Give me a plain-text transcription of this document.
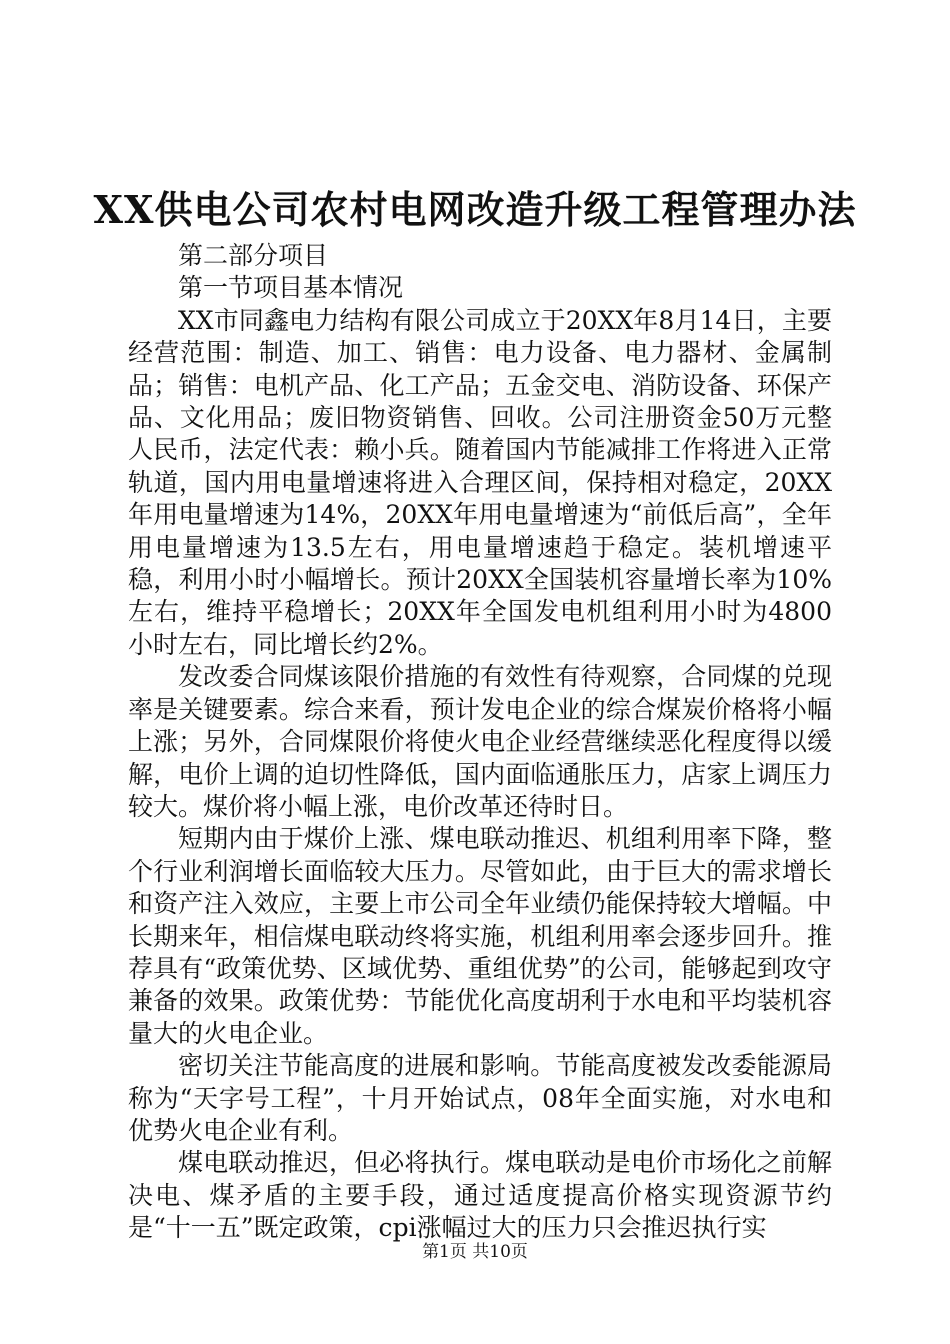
XX供电公司农村电网改造升级工程管理办法

第二部分项目

第一节项目基本情况

XX市同鑫电力结构有限公司成立于20XX年8月14日，主要经营范围：制造、加工、销售：电力设备、电力器材、金属制品；销售：电机产品、化工产品；五金交电、消防设备、环保产品、文化用品；废旧物资销售、回收。公司注册资金50万元整人民币，法定代表：赖小兵。随着国内节能减排工作将进入正常轨道，国内用电量增速将进入合理区间，保持相对稳定，20XX年用电量增速为14%，20XX年用电量增速为“前低后高”，全年用电量增速为13.5左右，用电量增速趋于稳定。装机增速平稳，利用小时小幅增长。预计20XX全国装机容量增长率为10%左右，维持平稳增长；20XX年全国发电机组利用小时为4800小时左右，同比增长约2%。

发改委合同煤该限价措施的有效性有待观察，合同煤的兑现率是关键要素。综合来看，预计发电企业的综合煤炭价格将小幅上涨；另外，合同煤限价将使火电企业经营继续恶化程度得以缓解，电价上调的迫切性降低，国内面临通胀压力，店家上调压力较大。煤价将小幅上涨，电价改革还待时日。

短期内由于煤价上涨、煤电联动推迟、机组利用率下降，整个行业利润增长面临较大压力。尽管如此，由于巨大的需求增长和资产注入效应，主要上市公司全年业绩仍能保持较大增幅。中长期来年，相信煤电联动终将实施，机组利用率会逐步回升。推荐具有“政策优势、区域优势、重组优势”的公司，能够起到攻守兼备的效果。政策优势：节能优化高度胡利于水电和平均装机容量大的火电企业。

密切关注节能高度的进展和影响。节能高度被发改委能源局称为“天字号工程”，十月开始试点，08年全面实施，对水电和优势火电企业有利。

煤电联动推迟，但必将执行。煤电联动是电价市场化之前解决电、煤矛盾的主要手段，通过适度提高价格实现资源节约是“十一五”既定政策，cpi涨幅过大的压力只会推迟执行实

第1页 共10页
